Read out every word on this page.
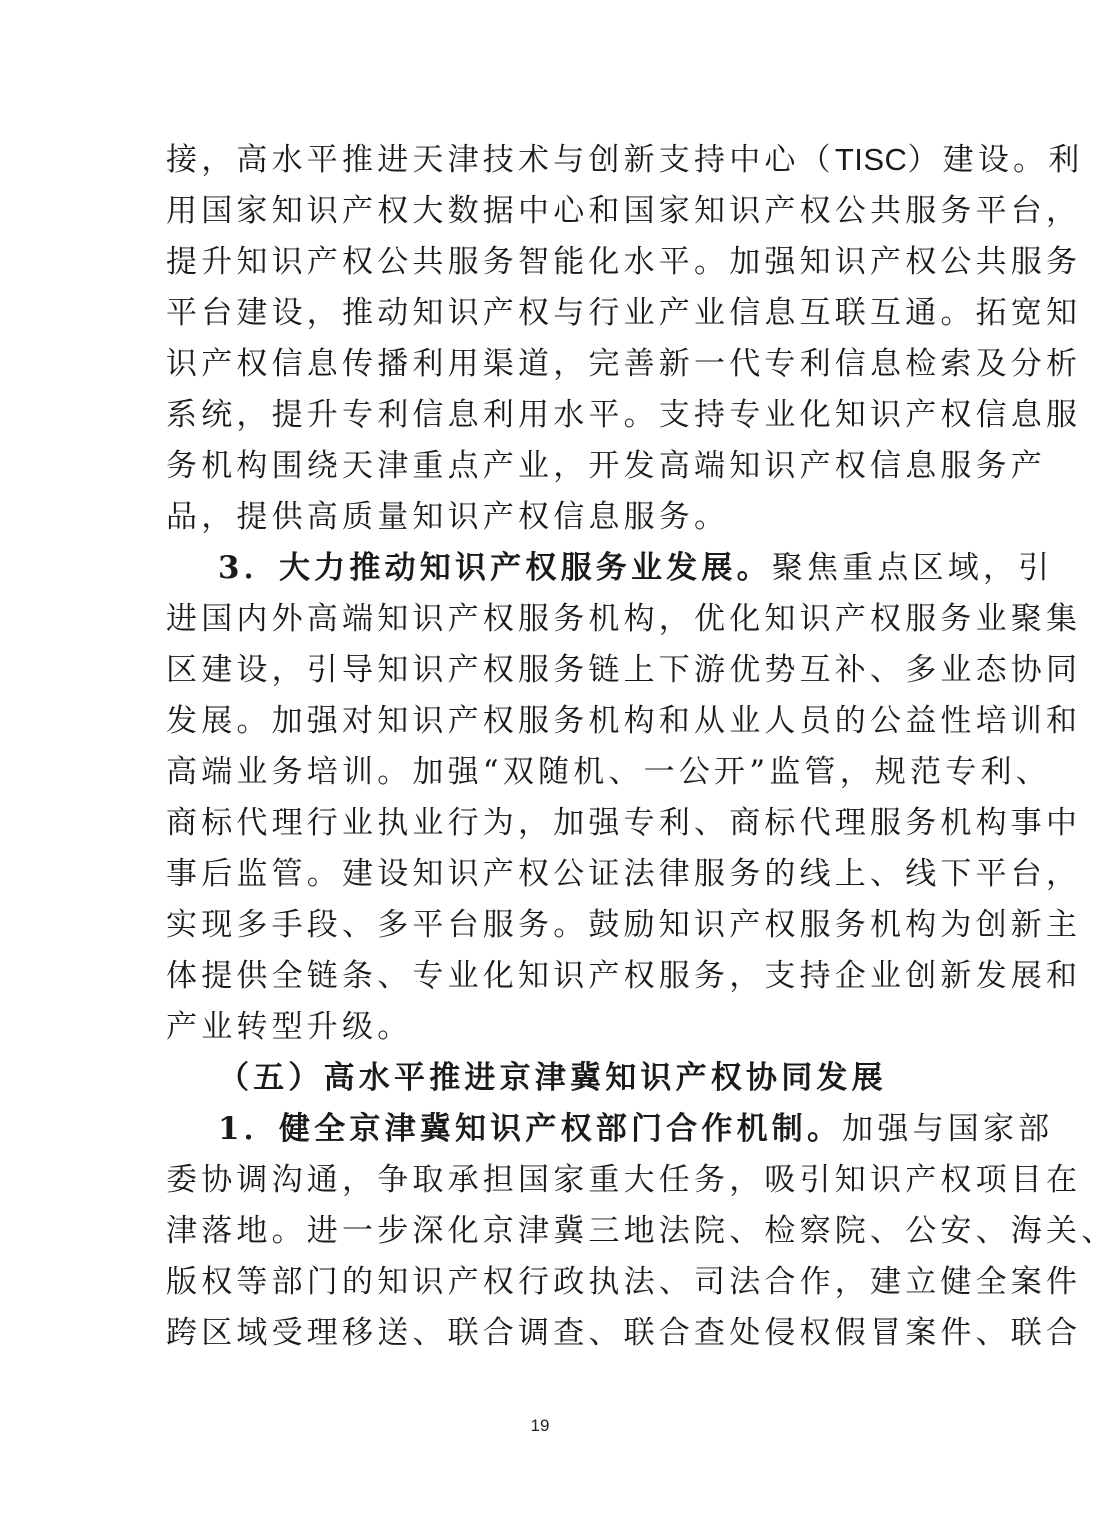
接，高水平推进天津技术与创新支持中心（TISC）建设。利
用国家知识产权大数据中心和国家知识产权公共服务平台，
提升知识产权公共服务智能化水平。加强知识产权公共服务
平台建设，推动知识产权与行业产业信息互联互通。拓宽知
识产权信息传播利用渠道，完善新一代专利信息检索及分析
系统，提升专利信息利用水平。支持专业化知识产权信息服
务机构围绕天津重点产业，开发高端知识产权信息服务产
品，提供高质量知识产权信息服务。
3．大力推动知识产权服务业发展。聚焦重点区域，引
进国内外高端知识产权服务机构，优化知识产权服务业聚集
区建设，引导知识产权服务链上下游优势互补、多业态协同
发展。加强对知识产权服务机构和从业人员的公益性培训和
高端业务培训。加强“双随机、一公开”监管，规范专利、
商标代理行业执业行为，加强专利、商标代理服务机构事中
事后监管。建设知识产权公证法律服务的线上、线下平台，
实现多手段、多平台服务。鼓励知识产权服务机构为创新主
体提供全链条、专业化知识产权服务，支持企业创新发展和
产业转型升级。
（五）高水平推进京津冀知识产权协同发展
1．健全京津冀知识产权部门合作机制。加强与国家部
委协调沟通，争取承担国家重大任务，吸引知识产权项目在
津落地。进一步深化京津冀三地法院、检察院、公安、海关、
版权等部门的知识产权行政执法、司法合作，建立健全案件
跨区域受理移送、联合调查、联合查处侵权假冒案件、联合
19
